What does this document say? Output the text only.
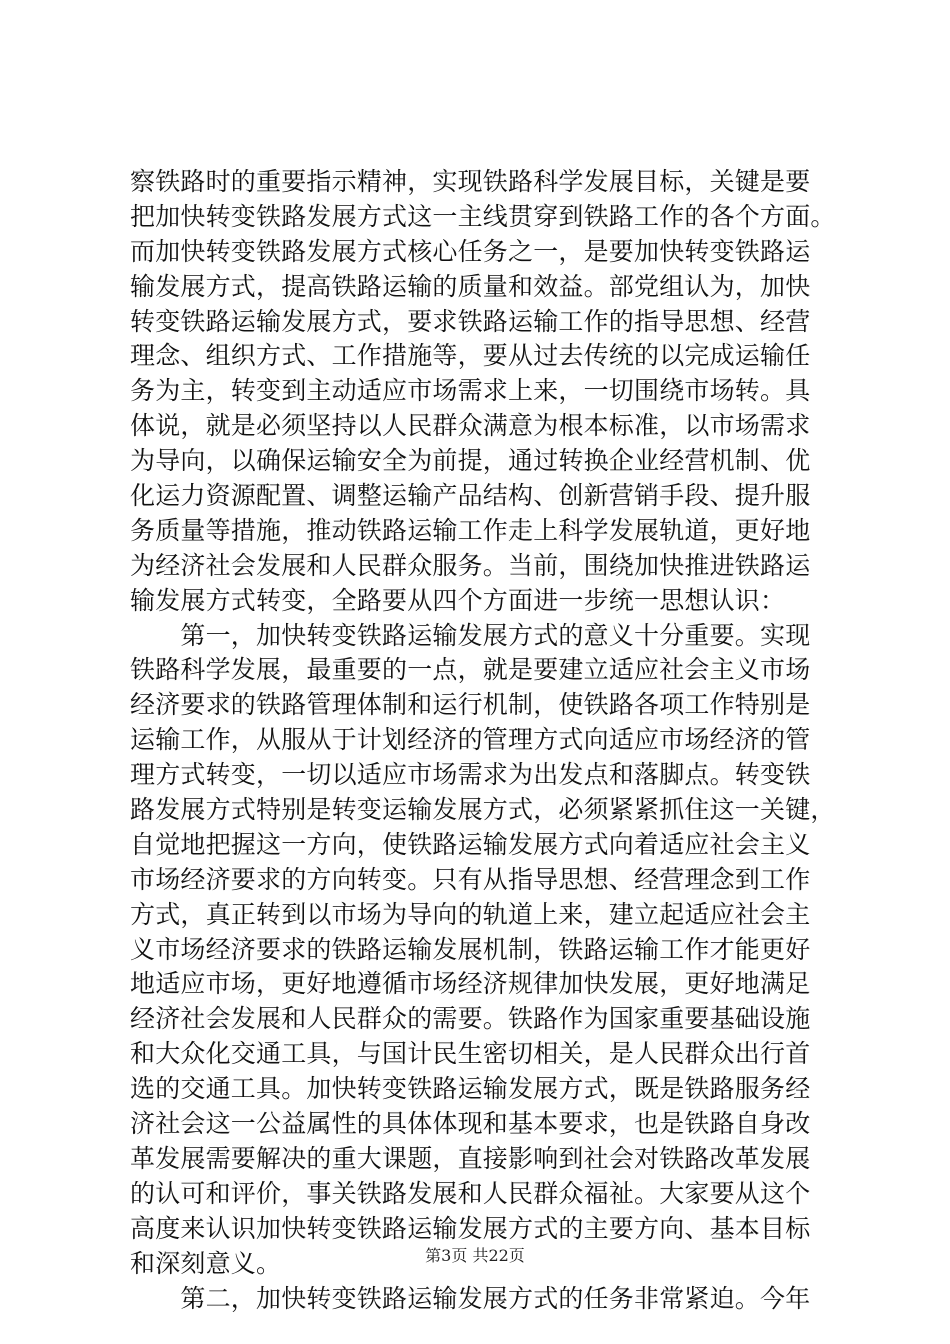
察铁路时的重要指示精神，实现铁路科学发展目标，关键是要
把加快转变铁路发展方式这一主线贯穿到铁路工作的各个方面。
而加快转变铁路发展方式核心任务之一，是要加快转变铁路运
输发展方式，提高铁路运输的质量和效益。部党组认为，加快
转变铁路运输发展方式，要求铁路运输工作的指导思想、经营
理念、组织方式、工作措施等，要从过去传统的以完成运输任
务为主，转变到主动适应市场需求上来，一切围绕市场转。具
体说，就是必须坚持以人民群众满意为根本标准，以市场需求
为导向，以确保运输安全为前提，通过转换企业经营机制、优
化运力资源配置、调整运输产品结构、创新营销手段、提升服
务质量等措施，推动铁路运输工作走上科学发展轨道，更好地
为经济社会发展和人民群众服务。当前，围绕加快推进铁路运
输发展方式转变，全路要从四个方面进一步统一思想认识：
　　第一，加快转变铁路运输发展方式的意义十分重要。实现
铁路科学发展，最重要的一点，就是要建立适应社会主义市场
经济要求的铁路管理体制和运行机制，使铁路各项工作特别是
运输工作，从服从于计划经济的管理方式向适应市场经济的管
理方式转变，一切以适应市场需求为出发点和落脚点。转变铁
路发展方式特别是转变运输发展方式，必须紧紧抓住这一关键，
自觉地把握这一方向，使铁路运输发展方式向着适应社会主义
市场经济要求的方向转变。只有从指导思想、经营理念到工作
方式，真正转到以市场为导向的轨道上来，建立起适应社会主
义市场经济要求的铁路运输发展机制，铁路运输工作才能更好
地适应市场，更好地遵循市场经济规律加快发展，更好地满足
经济社会发展和人民群众的需要。铁路作为国家重要基础设施
和大众化交通工具，与国计民生密切相关，是人民群众出行首
选的交通工具。加快转变铁路运输发展方式，既是铁路服务经
济社会这一公益属性的具体体现和基本要求，也是铁路自身改
革发展需要解决的重大课题，直接影响到社会对铁路改革发展
的认可和评价，事关铁路发展和人民群众福祉。大家要从这个
高度来认识加快转变铁路运输发展方式的主要方向、基本目标
和深刻意义。
　　第二，加快转变铁路运输发展方式的任务非常紧迫。今年
第3页 共22页
